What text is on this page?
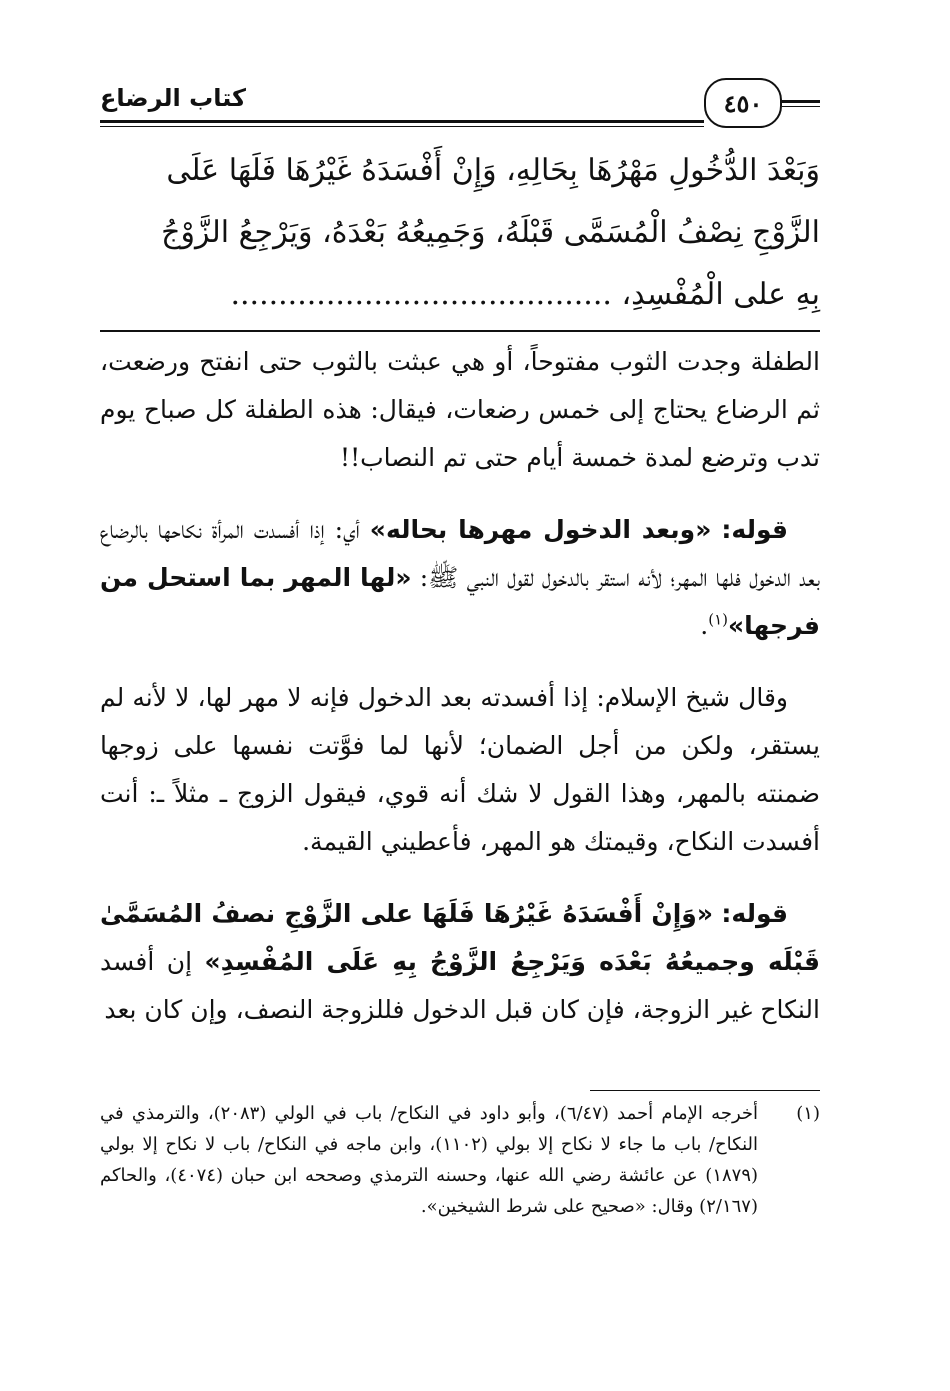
كتاب الرضاع	٤٥٠
وَبَعْدَ الدُّخُولِ مَهْرُهَا بِحَالِهِ، وَإِنْ أَفْسَدَهُ غَيْرُهَا فَلَهَا عَلَى
الزَّوْجِ نِصْفُ الْمُسَمَّى قَبْلَهُ، وَجَمِيعُهُ بَعْدَهُ، وَيَرْجِعُ الزَّوْجُ
بِهِ على الْمُفْسِدِ، ........................................

الطفلة وجدت الثوب مفتوحاً، أو هي عبثت بالثوب حتى انفتح ورضعت، ثم الرضاع يحتاج إلى خمس رضعات، فيقال: هذه الطفلة كل صباح يوم تدب وترضع لمدة خمسة أيام حتى تم النصاب!!

قوله: «وبعد الدخول مهرها بحاله» أي: إذا أفسدت المرأة نكاحها بالرضاع بعد الدخول فلها المهر؛ لأنه استقر بالدخول لقول النبي ﷺ: «لها المهر بما استحل من فرجها»$^{(١)}$.

وقال شيخ الإسلام: إذا أفسدته بعد الدخول فإنه لا مهر لها، لا لأنه لم يستقر، ولكن من أجل الضمان؛ لأنها لما فوَّتت نفسها على زوجها ضمنته بالمهر، وهذا القول لا شك أنه قوي، فيقول الزوج ـ مثلاً ـ: أنت أفسدت النكاح، وقيمتك هو المهر، فأعطيني القيمة.

قوله: «وَإِنْ أَفْسَدَهُ غَيْرُهَا فَلَهَا على الزَّوْجِ نصفُ المُسَمَّىٰ قَبْلَه وجميعُهُ بَعْدَه وَيَرْجِعُ الزَّوْجُ بِهِ عَلَى المُفْسِدِ» إن أفسد النكاح غير الزوجة، فإن كان قبل الدخول فللزوجة النصف، وإن كان بعد

(١)
أخرجه الإمام أحمد (٦/٤٧)، وأبو داود في النكاح/ باب في الولي (٢٠٨٣)، والترمذي في النكاح/ باب ما جاء لا نكاح إلا بولي (١١٠٢)، وابن ماجه في النكاح/ باب لا نكاح إلا بولي (١٨٧٩) عن عائشة رضي الله عنها، وحسنه الترمذي وصححه ابن حبان (٤٠٧٤)، والحاكم (٢/١٦٧) وقال: «صحيح على شرط الشيخين».
